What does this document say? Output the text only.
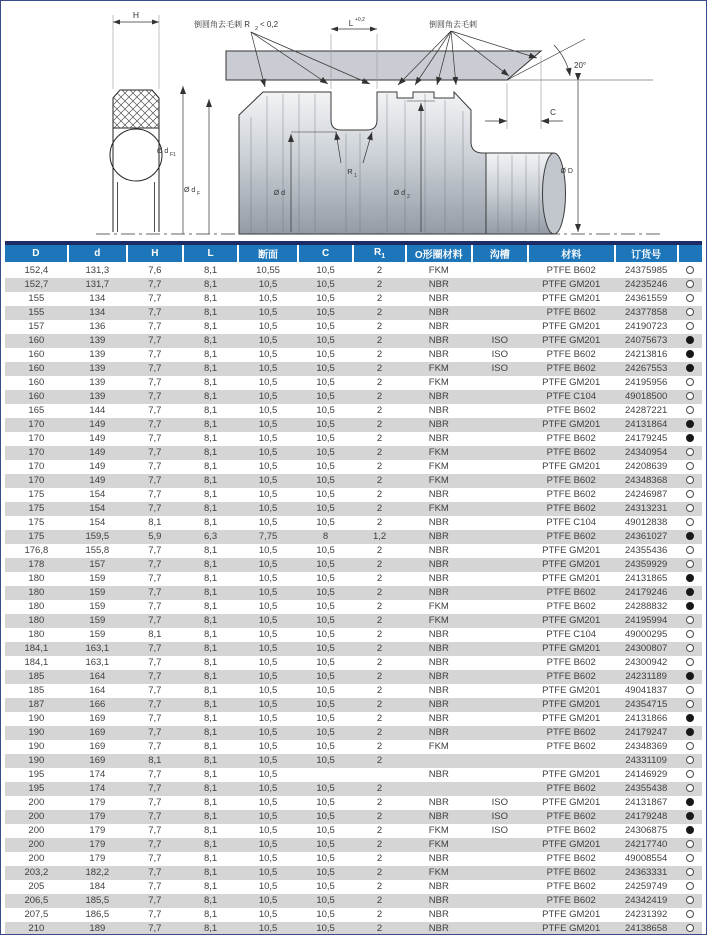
H
Ø d F1
Ø d F
20°
L +0,2
倒圆角去毛刺 R 2 < 0,2	倒圆角去毛刺
C
Ø d	Ø d 2
Ø D
R 1
D	d	H	L	断面	C	$R_1$	O形圈材料	沟槽	材料	订货号	
152,4	131,3	7,6	8,1	10,55	10,5	2	FKM		PTFE B602	24375985	
152,7	131,7	7,7	8,1	10,5	10,5	2	NBR		PTFE GM201	24235246	
155	134	7,7	8,1	10,5	10,5	2	NBR		PTFE GM201	24361559	
155	134	7,7	8,1	10,5	10,5	2	NBR		PTFE B602	24377858	
157	136	7,7	8,1	10,5	10,5	2	NBR		PTFE GM201	24190723	
160	139	7,7	8,1	10,5	10,5	2	NBR	ISO	PTFE GM201	24075673	
160	139	7,7	8,1	10,5	10,5	2	NBR	ISO	PTFE B602	24213816	
160	139	7,7	8,1	10,5	10,5	2	FKM	ISO	PTFE B602	24267553	
160	139	7,7	8,1	10,5	10,5	2	FKM		PTFE GM201	24195956	
160	139	7,7	8,1	10,5	10,5	2	NBR		PTFE C104	49018500	
165	144	7,7	8,1	10,5	10,5	2	NBR		PTFE B602	24287221	
170	149	7,7	8,1	10,5	10,5	2	NBR		PTFE GM201	24131864	
170	149	7,7	8,1	10,5	10,5	2	NBR		PTFE B602	24179245	
170	149	7,7	8,1	10,5	10,5	2	FKM		PTFE B602	24340954	
170	149	7,7	8,1	10,5	10,5	2	FKM		PTFE GM201	24208639	
170	149	7,7	8,1	10,5	10,5	2	FKM		PTFE B602	24348368	
175	154	7,7	8,1	10,5	10,5	2	NBR		PTFE B602	24246987	
175	154	7,7	8,1	10,5	10,5	2	FKM		PTFE B602	24313231	
175	154	8,1	8,1	10,5	10,5	2	NBR		PTFE C104	49012838	
175	159,5	5,9	6,3	7,75	8	1,2	NBR		PTFE B602	24361027	
176,8	155,8	7,7	8,1	10,5	10,5	2	NBR		PTFE GM201	24355436	
178	157	7,7	8,1	10,5	10,5	2	NBR		PTFE GM201	24359929	
180	159	7,7	8,1	10,5	10,5	2	NBR		PTFE GM201	24131865	
180	159	7,7	8,1	10,5	10,5	2	NBR		PTFE B602	24179246	
180	159	7,7	8,1	10,5	10,5	2	FKM		PTFE B602	24288832	
180	159	7,7	8,1	10,5	10,5	2	FKM		PTFE GM201	24195994	
180	159	8,1	8,1	10,5	10,5	2	NBR		PTFE C104	49000295	
184,1	163,1	7,7	8,1	10,5	10,5	2	NBR		PTFE GM201	24300807	
184,1	163,1	7,7	8,1	10,5	10,5	2	NBR		PTFE B602	24300942	
185	164	7,7	8,1	10,5	10,5	2	NBR		PTFE B602	24231189	
185	164	7,7	8,1	10,5	10,5	2	NBR		PTFE GM201	49041837	
187	166	7,7	8,1	10,5	10,5	2	NBR		PTFE GM201	24354715	
190	169	7,7	8,1	10,5	10,5	2	NBR		PTFE GM201	24131866	
190	169	7,7	8,1	10,5	10,5	2	NBR		PTFE B602	24179247	
190	169	7,7	8,1	10,5	10,5	2	FKM		PTFE B602	24348369	
190	169	8,1	8,1	10,5	10,5	2				24331109	
195	174	7,7	8,1	10,5			NBR		PTFE GM201	24146929	
195	174	7,7	8,1	10,5	10,5	2			PTFE B602	24355438	
200	179	7,7	8,1	10,5	10,5	2	NBR	ISO	PTFE GM201	24131867	
200	179	7,7	8,1	10,5	10,5	2	NBR	ISO	PTFE B602	24179248	
200	179	7,7	8,1	10,5	10,5	2	FKM	ISO	PTFE B602	24306875	
200	179	7,7	8,1	10,5	10,5	2	FKM		PTFE GM201	24217740	
200	179	7,7	8,1	10,5	10,5	2	NBR		PTFE B602	49008554	
203,2	182,2	7,7	8,1	10,5	10,5	2	FKM		PTFE B602	24363331	
205	184	7,7	8,1	10,5	10,5	2	NBR		PTFE B602	24259749	
206,5	185,5	7,7	8,1	10,5	10,5	2	NBR		PTFE B602	24342419	
207,5	186,5	7,7	8,1	10,5	10,5	2	NBR		PTFE GM201	24231392	
210	189	7,7	8,1	10,5	10,5	2	NBR		PTFE GM201	24138658	
